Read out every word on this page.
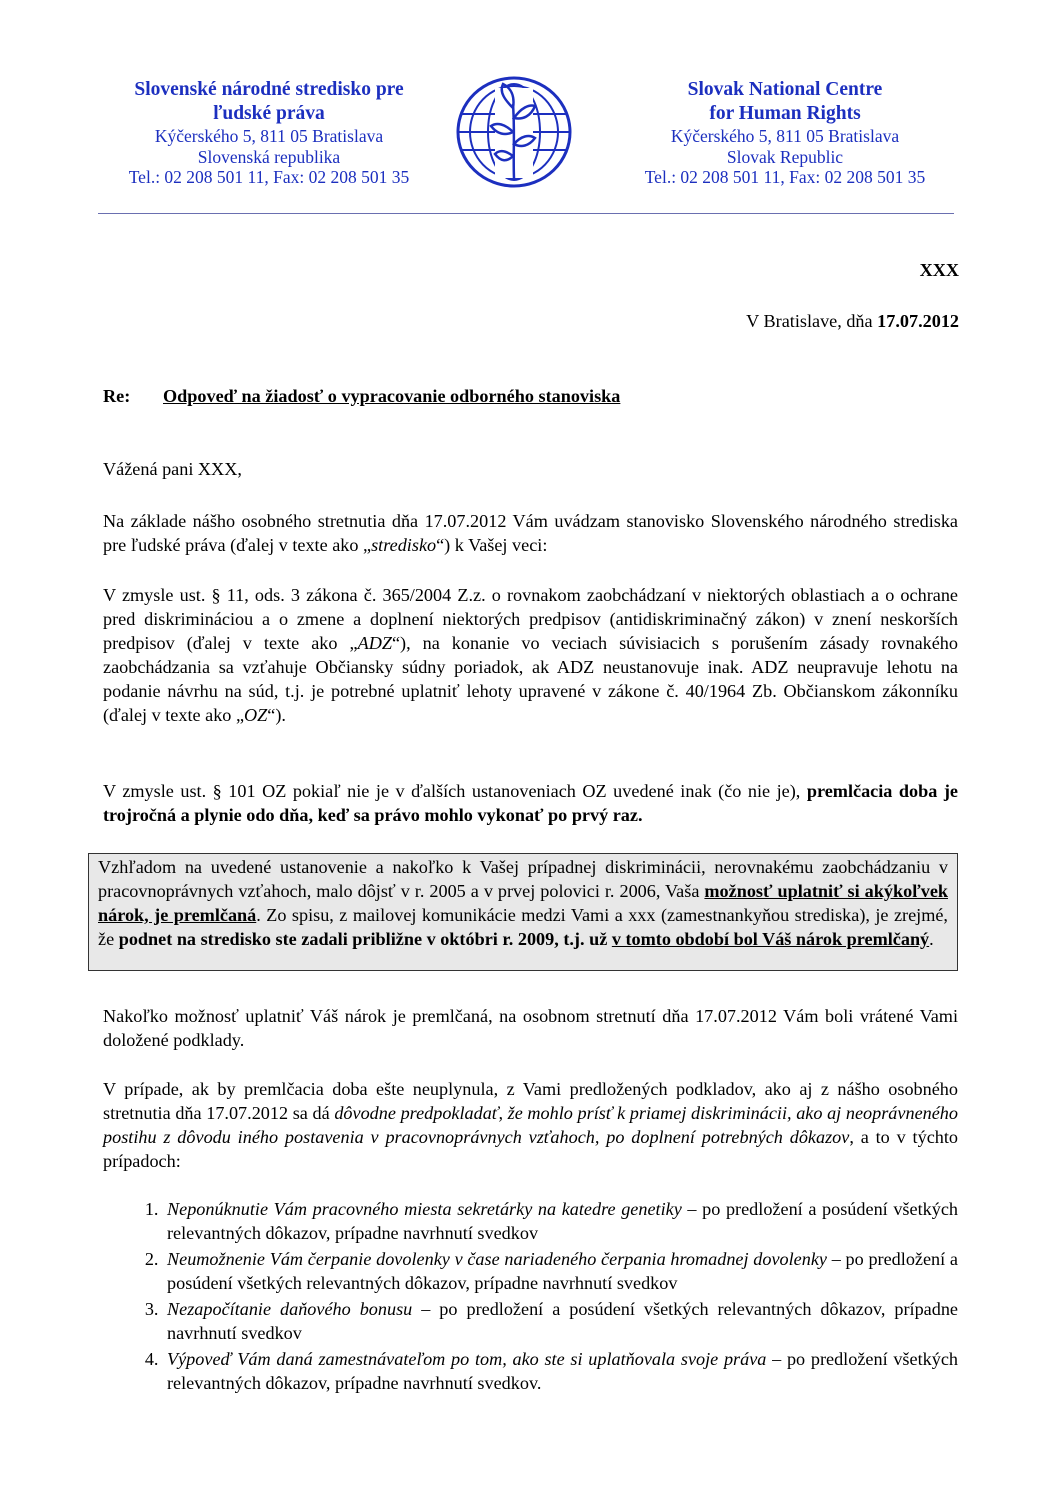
Slovenské národné stredisko pre
ľudské práva
Kýčerského 5, 811 05 Bratislava
Slovenská republika
Tel.: 02 208 501 11, Fax: 02 208 501 35
Slovak National Centre
for Human Rights
Kýčerského 5, 811 05 Bratislava
Slovak Republic
Tel.: 02 208 501 11, Fax: 02 208 501 35
XXX
V Bratislave, dňa 17.07.2012
Re: Odpoveď na žiadosť o vypracovanie odborného stanoviska
Vážená pani XXX,
Na základe nášho osobného stretnutia dňa 17.07.2012 Vám uvádzam stanovisko Slovenského národného strediska pre ľudské práva (ďalej v texte ako „stredisko“) k Vašej veci:
V zmysle ust. § 11, ods. 3 zákona č. 365/2004 Z.z. o rovnakom zaobchádzaní v niektorých oblastiach a o ochrane pred diskrimináciou a o zmene a doplnení niektorých predpisov (antidiskriminačný zákon) v znení neskorších predpisov (ďalej v texte ako „ADZ“), na konanie vo veciach súvisiacich s porušením zásady rovnakého zaobchádzania sa vzťahuje Občiansky súdny poriadok, ak ADZ neustanovuje inak. ADZ neupravuje lehotu na podanie návrhu na súd, t.j. je potrebné uplatniť lehoty upravené v zákone č. 40/1964 Zb. Občianskom zákonníku (ďalej v texte ako „OZ“).
V zmysle ust. § 101 OZ pokiaľ nie je v ďalších ustanoveniach OZ uvedené inak (čo nie je), premlčacia doba je trojročná a plynie odo dňa, keď sa právo mohlo vykonať po prvý raz.
Vzhľadom na uvedené ustanovenie a nakoľko k Vašej prípadnej diskriminácii, nerovnakému zaobchádzaniu v pracovnoprávnych vzťahoch, malo dôjsť v r. 2005 a v prvej polovici r. 2006, Vaša možnosť uplatniť si akýkoľvek nárok, je premlčaná. Zo spisu, z mailovej komunikácie medzi Vami a xxx (zamestnankyňou strediska), je zrejmé, že podnet na stredisko ste zadali približne v októbri r. 2009, t.j. už v tomto období bol Váš nárok premlčaný.
Nakoľko možnosť uplatniť Váš nárok je premlčaná, na osobnom stretnutí dňa 17.07.2012 Vám boli vrátené Vami doložené podklady.
V prípade, ak by premlčacia doba ešte neuplynula, z Vami predložených podkladov, ako aj z nášho osobného stretnutia dňa 17.07.2012 sa dá dôvodne predpokladať, že mohlo prísť k priamej diskriminácii, ako aj neoprávneného postihu z dôvodu iného postavenia v pracovnoprávnych vzťahoch, po doplnení potrebných dôkazov, a to v týchto prípadoch:
1. Neponúknutie Vám pracovného miesta sekretárky na katedre genetiky – po predložení a posúdení všetkých relevantných dôkazov, prípadne navrhnutí svedkov
2. Neumožnenie Vám čerpanie dovolenky v čase nariadeného čerpania hromadnej dovolenky – po predložení a posúdení všetkých relevantných dôkazov, prípadne navrhnutí svedkov
3. Nezapočítanie daňového bonusu – po predložení a posúdení všetkých relevantných dôkazov, prípadne navrhnutí svedkov
4. Výpoveď Vám daná zamestnávateľom po tom, ako ste si uplatňovala svoje práva – po predložení všetkých relevantných dôkazov, prípadne navrhnutí svedkov.
